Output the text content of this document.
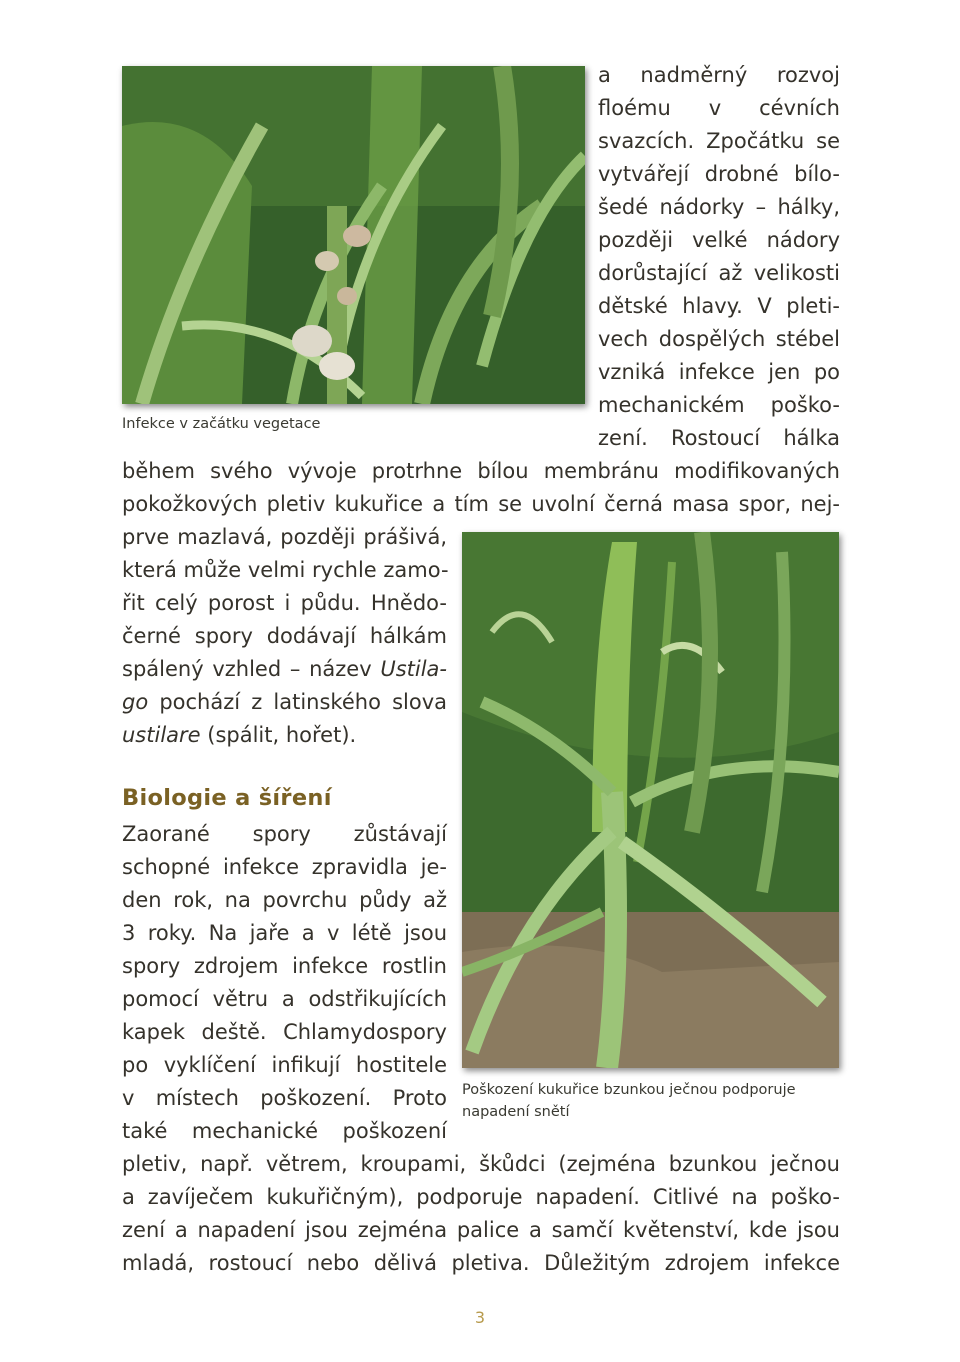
Infekce v začátku vegetace
a nadměrný rozvoj
floému v cévních
svazcích. Zpočátku se
vytvářejí drobné bílo-
šedé nádorky – hálky,
později velké nádory
dorůstající až velikosti
dětské hlavy. V pleti-
vech dospělých stébel
vzniká infekce jen po
mechanickém poško-
zení. Rostoucí hálka
během svého vývoje protrhne bílou membránu modifikovaných
pokožkových pletiv kukuřice a tím se uvolní černá masa spor, nej-
prve mazlavá, později prášivá,
která může velmi rychle zamo-
řit celý porost i půdu. Hnědo-
černé spory dodávají hálkám
spálený vzhled – název Ustila-
go pochází z latinského slova
ustilare (spálit, hořet).
Poškození kukuřice bzunkou ječnou podporuje napadení snětí
Biologie a šíření
Zaorané spory zůstávají
schopné infekce zpravidla je-
den rok, na povrchu půdy až
3 roky. Na jaře a v létě jsou
spory zdrojem infekce rostlin
pomocí větru a odstřikujících
kapek deště. Chlamydospory
po vyklíčení infikují hostitele
v místech poškození. Proto
také mechanické poškození
pletiv, např. větrem, kroupami, škůdci (zejména bzunkou ječnou
a zavíječem kukuřičným), podporuje napadení. Citlivé na poško-
zení a napadení jsou zejména palice a samčí květenství, kde jsou
mladá, rostoucí nebo dělivá pletiva. Důležitým zdrojem infekce
3
